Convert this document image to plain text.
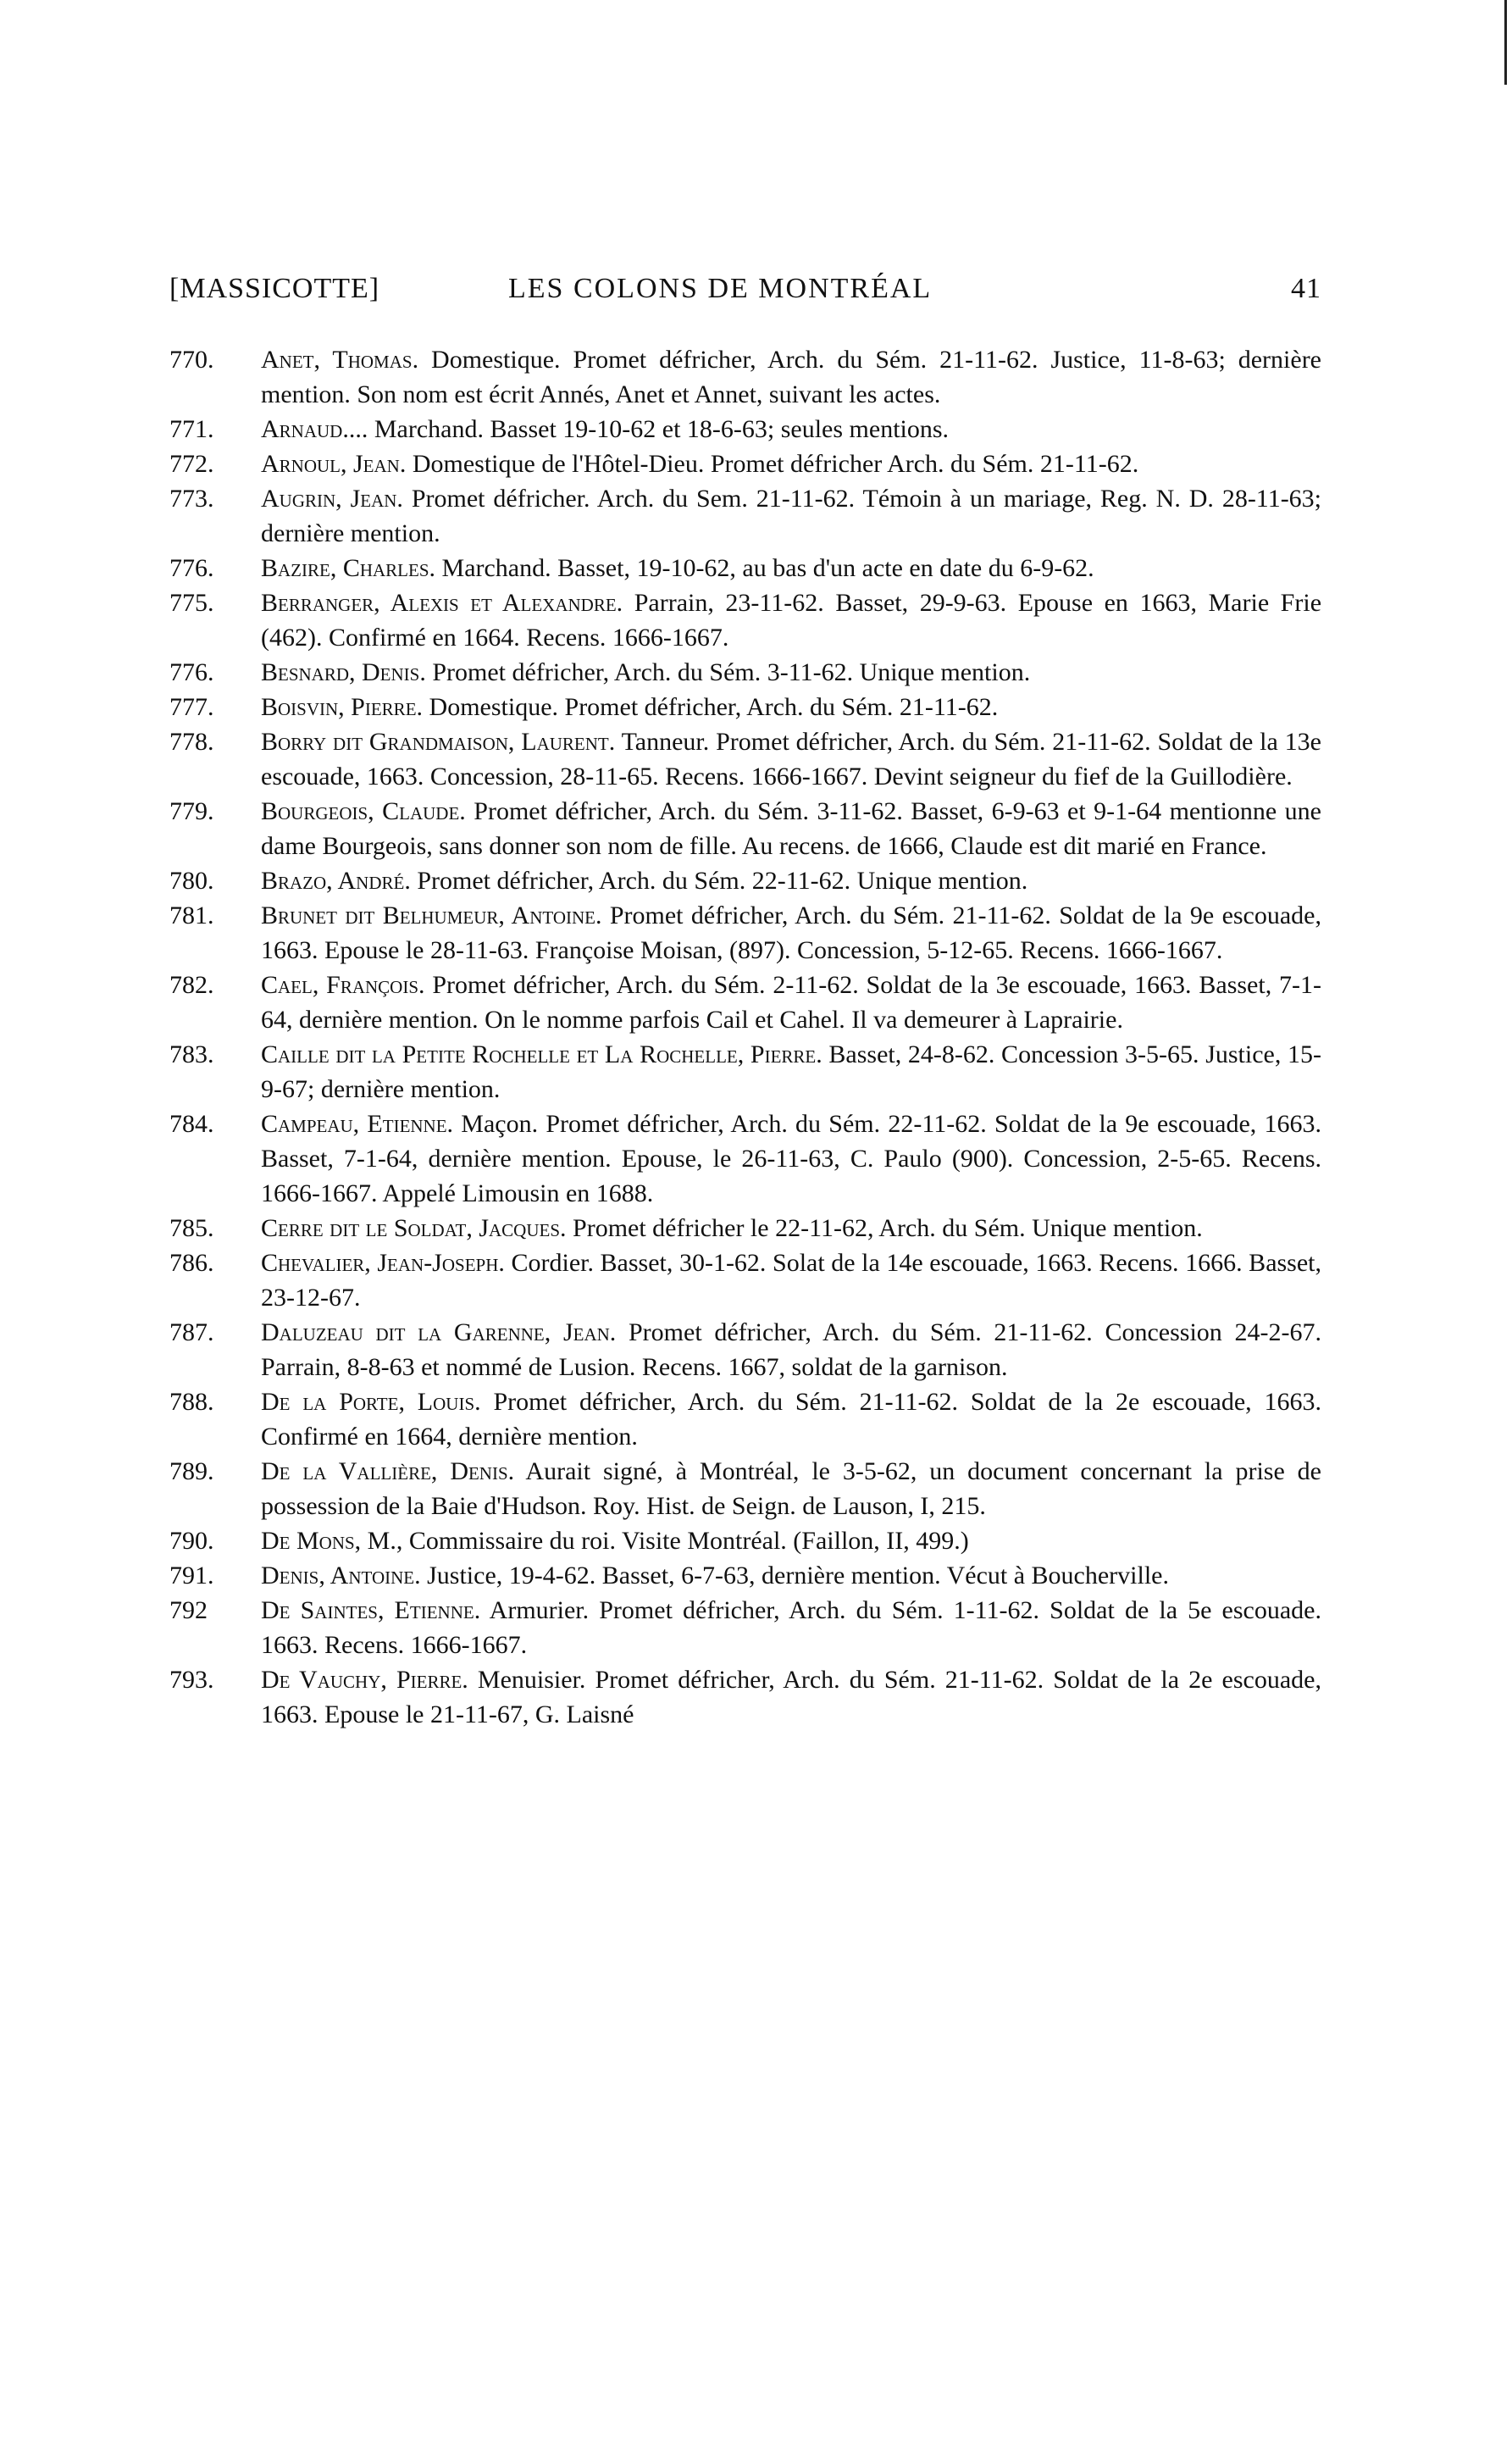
[MASSICOTTE]	LES COLONS DE MONTRÉAL	41
770.	Anet, Thomas. Domestique. Promet défricher, Arch. du Sém. 21-11-62. Justice, 11-8-63; dernière mention. Son nom est écrit Annés, Anet et Annet, suivant les actes.
771.	Arnaud.... Marchand. Basset 19-10-62 et 18-6-63; seules mentions.
772.	Arnoul, Jean. Domestique de l'Hôtel-Dieu. Promet défricher Arch. du Sém. 21-11-62.
773.	Augrin, Jean. Promet défricher. Arch. du Sem. 21-11-62. Témoin à un mariage, Reg. N. D. 28-11-63; dernière mention.
776.	Bazire, Charles. Marchand. Basset, 19-10-62, au bas d'un acte en date du 6-9-62.
775.	Berranger, Alexis et Alexandre. Parrain, 23-11-62. Basset, 29-9-63. Epouse en 1663, Marie Frie (462). Confirmé en 1664. Recens. 1666-1667.
776.	Besnard, Denis. Promet défricher, Arch. du Sém. 3-11-62. Unique mention.
777.	Boisvin, Pierre. Domestique. Promet défricher, Arch. du Sém. 21-11-62.
778.	Borry dit Grandmaison, Laurent. Tanneur. Promet défricher, Arch. du Sém. 21-11-62. Soldat de la 13e escouade, 1663. Concession, 28-11-65. Recens. 1666-1667. Devint seigneur du fief de la Guillodière.
779.	Bourgeois, Claude. Promet défricher, Arch. du Sém. 3-11-62. Basset, 6-9-63 et 9-1-64 mentionne une dame Bourgeois, sans donner son nom de fille. Au recens. de 1666, Claude est dit marié en France.
780.	Brazo, André. Promet défricher, Arch. du Sém. 22-11-62. Unique mention.
781.	Brunet dit Belhumeur, Antoine. Promet défricher, Arch. du Sém. 21-11-62. Soldat de la 9e escouade, 1663. Epouse le 28-11-63. Françoise Moisan, (897). Concession, 5-12-65. Recens. 1666-1667.
782.	Cael, François. Promet défricher, Arch. du Sém. 2-11-62. Soldat de la 3e escouade, 1663. Basset, 7-1-64, dernière mention. On le nomme parfois Cail et Cahel. Il va demeurer à Laprairie.
783.	Caille dit la Petite Rochelle et La Rochelle, Pierre. Basset, 24-8-62. Concession 3-5-65. Justice, 15-9-67; dernière mention.
784.	Campeau, Etienne. Maçon. Promet défricher, Arch. du Sém. 22-11-62. Soldat de la 9e escouade, 1663. Basset, 7-1-64, dernière mention. Epouse, le 26-11-63, C. Paulo (900). Concession, 2-5-65. Recens. 1666-1667. Appelé Limousin en 1688.
785.	Cerre dit le Soldat, Jacques. Promet défricher le 22-11-62, Arch. du Sém. Unique mention.
786.	Chevalier, Jean-Joseph. Cordier. Basset, 30-1-62. Solat de la 14e escouade, 1663. Recens. 1666. Basset, 23-12-67.
787.	Daluzeau dit la Garenne, Jean. Promet défricher, Arch. du Sém. 21-11-62. Concession 24-2-67. Parrain, 8-8-63 et nommé de Lusion. Recens. 1667, soldat de la garnison.
788.	De la Porte, Louis. Promet défricher, Arch. du Sém. 21-11-62. Soldat de la 2e escouade, 1663. Confirmé en 1664, dernière mention.
789.	De la Vallière, Denis. Aurait signé, à Montréal, le 3-5-62, un document concernant la prise de possession de la Baie d'Hudson. Roy. Hist. de Seign. de Lauson, I, 215.
790.	De Mons, M., Commissaire du roi. Visite Montréal. (Faillon, II, 499.)
791.	Denis, Antoine. Justice, 19-4-62. Basset, 6-7-63, dernière mention. Vécut à Boucherville.
792	De Saintes, Etienne. Armurier. Promet défricher, Arch. du Sém. 1-11-62. Soldat de la 5e escouade. 1663. Recens. 1666-1667.
793.	De Vauchy, Pierre. Menuisier. Promet défricher, Arch. du Sém. 21-11-62. Soldat de la 2e escouade, 1663. Epouse le 21-11-67, G. Laisné
